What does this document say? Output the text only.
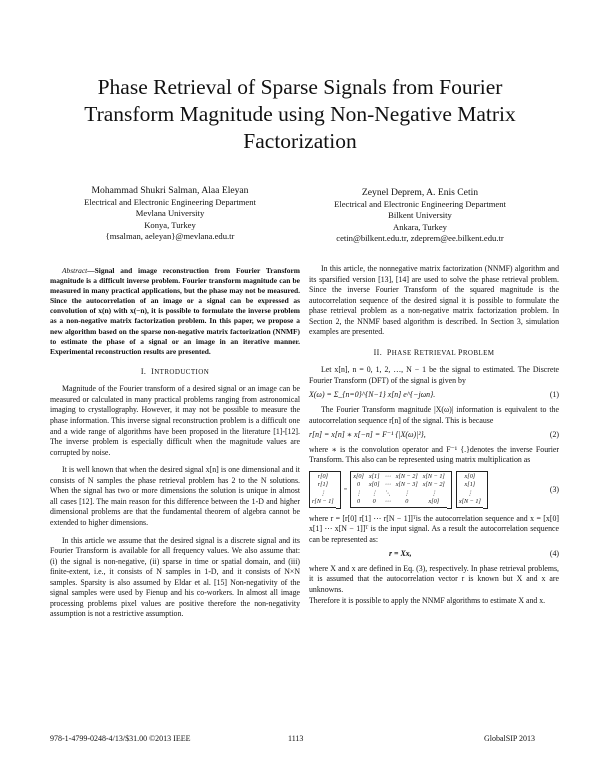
Phase Retrieval of Sparse Signals from Fourier
Transform Magnitude using Non-Negative Matrix
Factorization
Mohammad Shukri Salman, Alaa Eleyan
Electrical and Electronic Engineering Department
Mevlana University
Konya, Turkey
{msalman, aeleyan}@mevlana.edu.tr
Zeynel Deprem, A. Enis Cetin
Electrical and Electronic Engineering Department
Bilkent University
Ankara, Turkey
cetin@bilkent.edu.tr, zdeprem@ee.bilkent.edu.tr

Abstract—Signal and image reconstruction from Fourier Transform magnitude is a difficult inverse problem. Fourier transform magnitude can be measured in many practical applications, but the phase may not be measured. Since the autocorrelation of an image or a signal can be expressed as convolution of x(n) with x(−n), it is possible to formulate the inverse problem as a non-negative matrix factorization problem. In this paper, we propose a new algorithm based on the sparse non-negative matrix factorization (NNMF) to estimate the phase of a signal or an image in an iterative manner. Experimental reconstruction results are presented.

I. INTRODUCTION

Magnitude of the Fourier transform of a desired signal or an image can be measured or calculated in many practical problems ranging from astronomical imaging to crystallography. However, it may not be possible to measure the phase information. This inverse signal reconstruction problem is a difficult one and a wide range of algorithms have been proposed in the literature [1]-[12]. The inverse problem is especially difficult when the magnitude values are corrupted by noise.

It is well known that when the desired signal x[n] is one dimensional and it consists of N samples the phase retrieval problem has 2 to the N solutions. When the signal has two or more dimensions the solution is unique in almost all cases [12]. The main reason for this difference between the 1-D and higher dimensional problems are that the fundamental theorem of algebra cannot be extended to higher dimensions.

In this article we assume that the desired signal is a discrete signal and its Fourier Transform is available for all frequency values. We also assume that: (i) the signal is non-negative, (ii) sparse in time or spatial domain, and (iii) finite-extent, i.e., it consists of N samples in 1-D, and it consists of N×N samples. Sparsity is also assumed by Eldar et al. [15] Non-negativity of the signal samples were used by Fienup and his co-workers. In almost all image processing problems pixel values are positive therefore the non-negativity assumption is not a restrictive assumption.

In this article, the nonnegative matrix factorization (NNMF) algorithm and its sparsified version [13], [14] are used to solve the phase retrieval problem. Since the inverse Fourier Transform of the squared magnitude is the autocorrelation sequence of the desired signal it is possible to formulate the phase retrieval problem as a non-negative matrix factorization problem. In Section 2, the NNMF based algorithm is described. In Section 3, simulation examples are presented.

II. PHASE RETRIEVAL PROBLEM

Let x[n], n = 0, 1, 2, …, N − 1 be the signal to estimated. The Discrete Fourier Transform (DFT) of the signal is given by

X(ω) = Σ_{n=0}^{N−1} x[n] e^{−jωn}.	(1)

The Fourier Transform magnitude |X(ω)| information is equivalent to the autocorrelation sequence r[n] of the signal. This is because

r[n] = x[n] ∗ x[−n] = F⁻¹ {|X(ω)|²},	(2)

where ∗ is the convolution operator and F⁻¹ {.}denotes the inverse Fourier Transform. This also can be represented using matrix multiplication as

r[0]
r[1]
⋮
r[N − 1]
=
x[0] x[1] ⋯ x[N − 2] x[N − 1]
0	x[0] ⋯ x[N − 3] x[N − 2]
⋮	⋮	⋱	⋮	⋮
0	0	⋯	0	x[0]
x[0]
x[1]
⋮
x[N − 1]
(3)

where r = [r[0] r[1] ⋯ r[N − 1]]ᵀis the autocorrelation sequence and x = [x[0] x[1] ⋯ x[N − 1]]ᵀ is the input signal. As a result the autocorrelation sequence can be represented as:

r = Xx,	(4)

where X and x are defined in Eq. (3), respectively. In phase retrieval problems, it is assumed that the autocorrelation vector r is known but X and x are unknowns.

Therefore it is possible to apply the NNMF algorithms to estimate X and x.

978-1-4799-0248-4/13/$31.00 ©2013 IEEE	1113	GlobalSIP 2013
